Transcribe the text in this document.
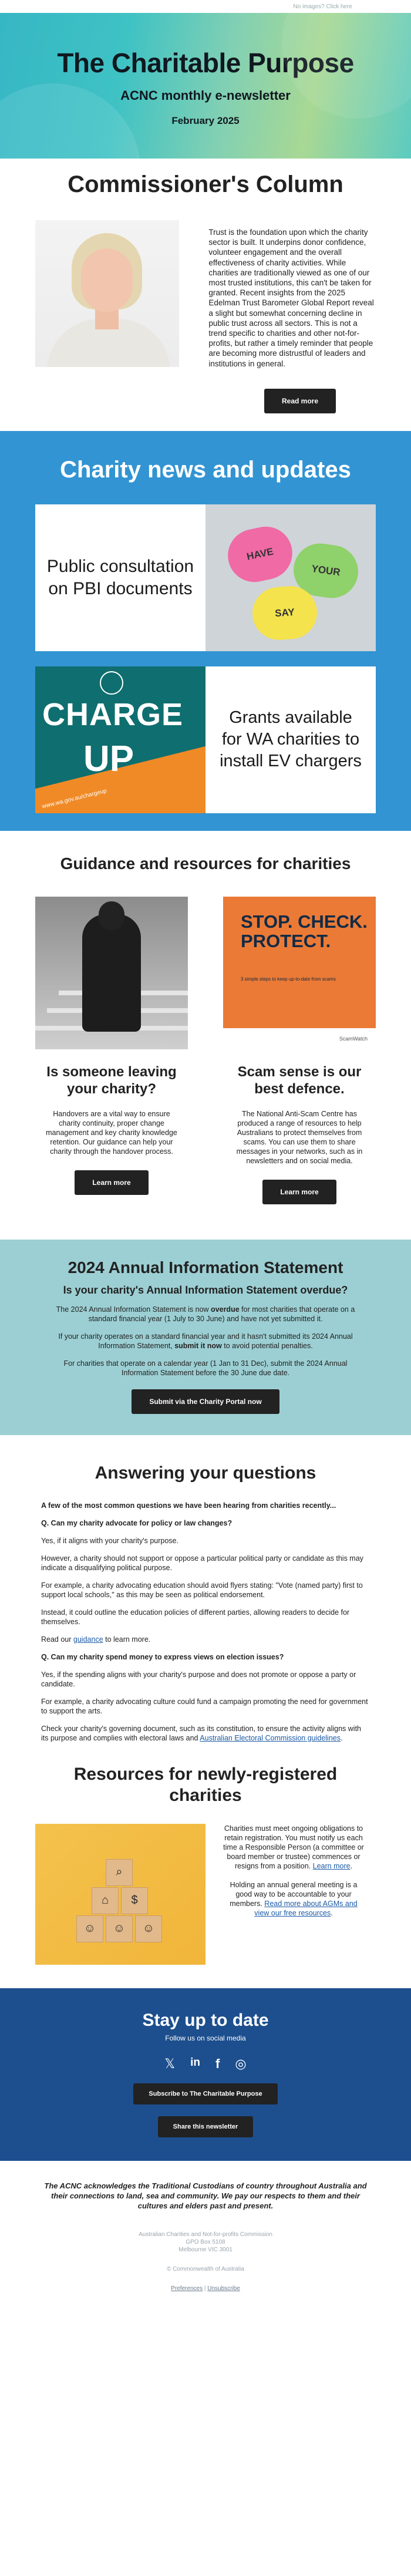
No images? Click here
The Charitable Purpose
ACNC monthly e-newsletter
February 2025
Commissioner's Column
Trust is the foundation upon which the charity sector is built. It underpins donor confidence, volunteer engagement and the overall effectiveness of charity activities. While charities are traditionally viewed as one of our most trusted institutions, this can't be taken for granted. Recent insights from the 2025 Edelman Trust Barometer Global Report reveal a slight but somewhat concerning decline in public trust across all sectors. This is not a trend specific to charities and other not-for-profits, but rather a timely reminder that people are becoming more distrustful of leaders and institutions in general.
Read more
Charity news and updates
Public consultation on PBI documents
HAVE
YOUR
SAY
CHARGE
UP
www.wa.gov.au/chargeup
Grants available for WA charities to install EV chargers
Guidance and resources for charities
Is someone leaving your charity?

Handovers are a vital way to ensure charity continuity, proper change management and key charity knowledge retention. Our guidance can help your charity through the handover process.

Learn more
STOP. CHECK. PROTECT.
3 simple steps to keep up-to-date from scams
ScamWatch
Scam sense is our best defence.

The National Anti-Scam Centre has produced a range of resources to help Australians to protect themselves from scams. You can use them to share messages in your networks, such as in newsletters and on social media.

Learn more
2024 Annual Information Statement
Is your charity's Annual Information Statement overdue?

The 2024 Annual Information Statement is now overdue for most charities that operate on a standard financial year (1 July to 30 June) and have not yet submitted it.

If your charity operates on a standard financial year and it hasn't submitted its 2024 Annual Information Statement, submit it now to avoid potential penalties.

For charities that operate on a calendar year (1 Jan to 31 Dec), submit the 2024 Annual Information Statement before the 30 June due date.

Submit via the Charity Portal now
Answering your questions

A few of the most common questions we have been hearing from charities recently...

Q. Can my charity advocate for policy or law changes?

Yes, if it aligns with your charity's purpose.

However, a charity should not support or oppose a particular political party or candidate as this may indicate a disqualifying political purpose.

For example, a charity advocating education should avoid flyers stating: "Vote (named party) first to support local schools," as this may be seen as political endorsement.

Instead, it could outline the education policies of different parties, allowing readers to decide for themselves.

Read our guidance to learn more.

Q. Can my charity spend money to express views on election issues?

Yes, if the spending aligns with your charity's purpose and does not promote or oppose a party or candidate.

For example, a charity advocating culture could fund a campaign promoting the need for government to support the arts.

Check your charity's governing document, such as its constitution, to ensure the activity aligns with its purpose and complies with electoral laws and Australian Electoral Commission guidelines.

Resources for newly-registered charities
⌕
⌂	$
☺	☺	☺

Charities must meet ongoing obligations to retain registration. You must notify us each time a Responsible Person (a committee or board member or trustee) commences or resigns from a position. Learn more.

Holding an annual general meeting is a good way to be accountable to your members. Read more about AGMs and view our free resources.

Stay up to date
Follow us on social media
𝕏 in f ◎
Subscribe to The Charitable Purpose
Share this newsletter
The ACNC acknowledges the Traditional Custodians of country throughout Australia and their connections to land, sea and community. We pay our respects to them and their cultures and elders past and present.
Australian Charities and Not-for-profits Commission
GPO Box 5108
Melbourne VIC 3001
© Commonwealth of Australia
Preferences | Unsubscribe
